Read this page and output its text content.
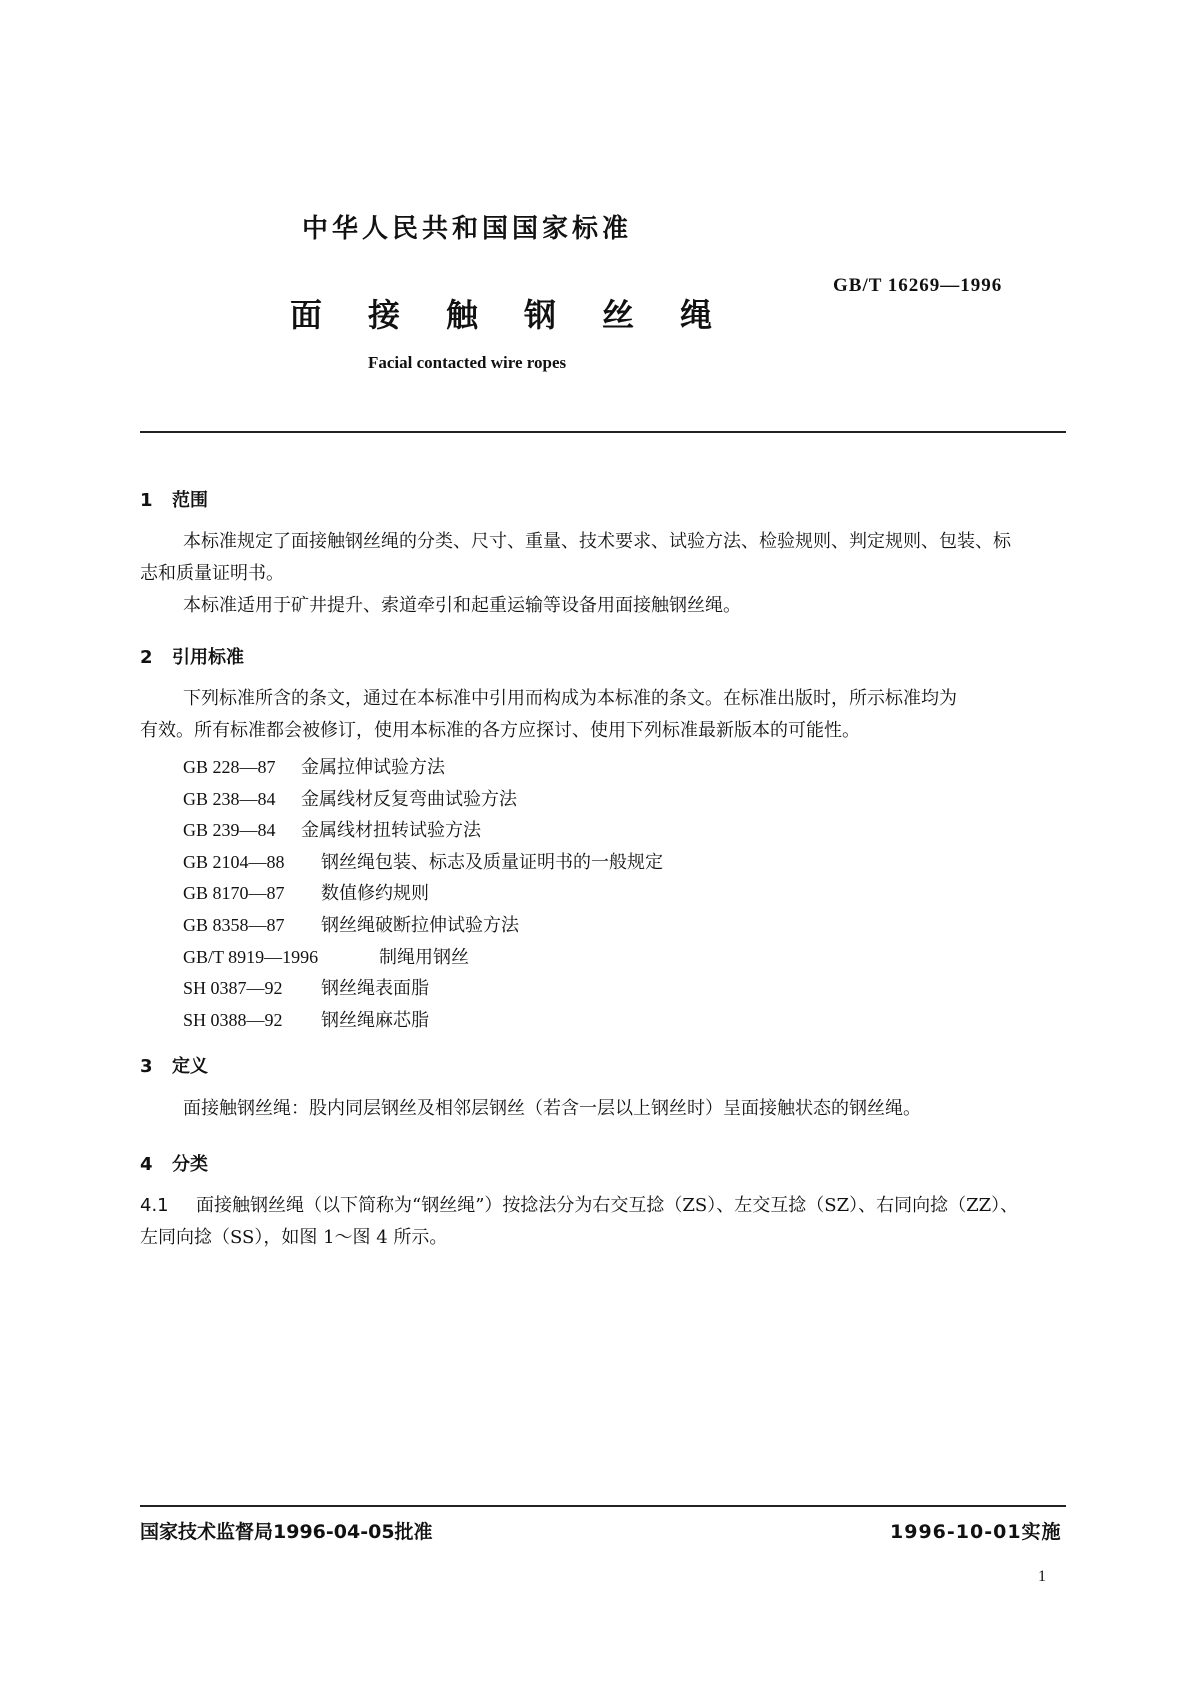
中华人民共和国国家标准
GB/T 16269—1996
面接触钢丝绳
Facial contacted wire ropes
1 范围
本标准规定了面接触钢丝绳的分类、尺寸、重量、技术要求、试验方法、检验规则、判定规则、包装、标
志和质量证明书。
本标准适用于矿井提升、索道牵引和起重运输等设备用面接触钢丝绳。
2 引用标准
下列标准所含的条文，通过在本标准中引用而构成为本标准的条文。在标准出版时，所示标准均为
有效。所有标准都会被修订，使用本标准的各方应探讨、使用下列标准最新版本的可能性。
GB 228—87 金属拉伸试验方法
GB 238—84 金属线材反复弯曲试验方法
GB 239—84 金属线材扭转试验方法
GB 2104—88 钢丝绳包装、标志及质量证明书的一般规定
GB 8170—87 数值修约规则
GB 8358—87 钢丝绳破断拉伸试验方法
GB/T 8919—1996	制绳用钢丝
SH 0387—92 钢丝绳表面脂
SH 0388—92 钢丝绳麻芯脂
3 定义
面接触钢丝绳：股内同层钢丝及相邻层钢丝（若含一层以上钢丝时）呈面接触状态的钢丝绳。
4 分类
4.1 面接触钢丝绳（以下简称为“钢丝绳”）按捻法分为右交互捻（ZS）、左交互捻（SZ）、右同向捻（ZZ）、
左同向捻（SS），如图 1～图 4 所示。
国家技术监督局1996-04-05批准	1996-10-01实施
1
